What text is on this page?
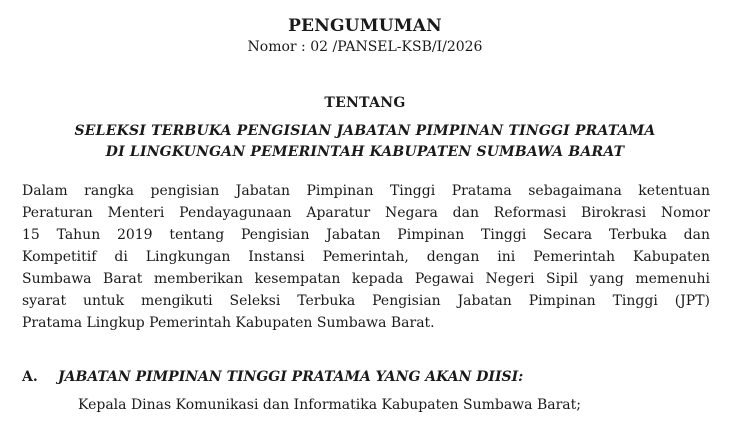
PENGUMUMAN
Nomor : 02 /PANSEL-KSB/I/2026
TENTANG
SELEKSI TERBUKA PENGISIAN JABATAN PIMPINAN TINGGI PRATAMA
DI LINGKUNGAN PEMERINTAH KABUPATEN SUMBAWA BARAT
Dalam rangka pengisian Jabatan Pimpinan Tinggi Pratama sebagaimana ketentuan
Peraturan Menteri Pendayagunaan Aparatur Negara dan Reformasi Birokrasi Nomor
15 Tahun 2019 tentang Pengisian Jabatan Pimpinan Tinggi Secara Terbuka dan
Kompetitif di Lingkungan Instansi Pemerintah, dengan ini Pemerintah Kabupaten
Sumbawa Barat memberikan kesempatan kepada Pegawai Negeri Sipil yang memenuhi
syarat untuk mengikuti Seleksi Terbuka Pengisian Jabatan Pimpinan Tinggi (JPT)
Pratama Lingkup Pemerintah Kabupaten Sumbawa Barat.
A. JABATAN PIMPINAN TINGGI PRATAMA YANG AKAN DIISI:
Kepala Dinas Komunikasi dan Informatika Kabupaten Sumbawa Barat;
